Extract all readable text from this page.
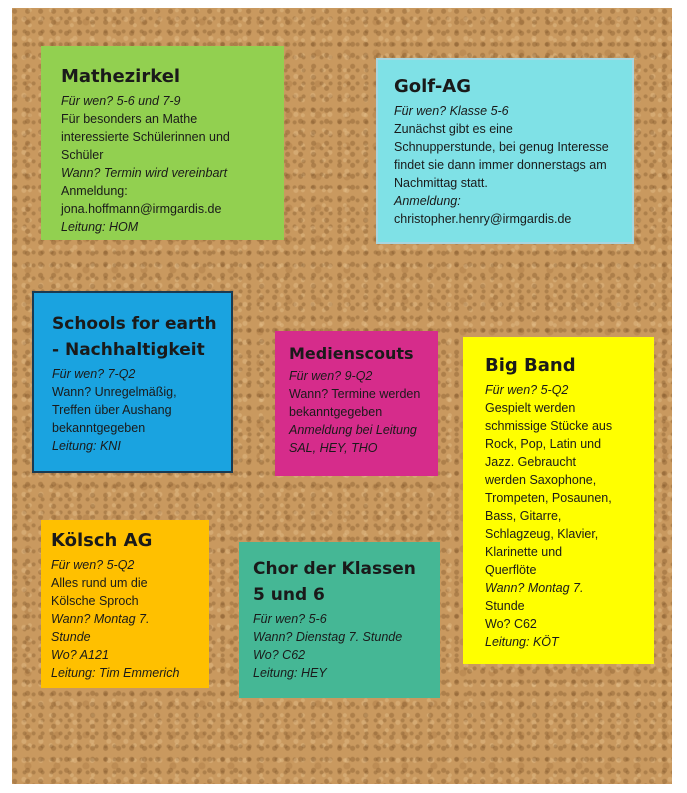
Mathezirkel
Für wen? 5-6 und 7-9
Für besonders an Mathe
interessierte Schülerinnen und
Schüler
Wann? Termin wird vereinbart
Anmeldung:
jona.hoffmann@irmgardis.de
Leitung: HOM
Golf-AG
Für wen? Klasse 5-6
Zunächst gibt es eine
Schnupperstunde, bei genug Interesse
findet sie dann immer donnerstags am
Nachmittag statt.
Anmeldung:
christopher.henry@irmgardis.de
Schools for earth
- Nachhaltigkeit
Für wen? 7-Q2
Wann? Unregelmäßig,
Treffen über Aushang
bekanntgegeben
Leitung: KNI
Medienscouts
Für wen? 9-Q2
Wann? Termine werden
bekanntgegeben
Anmeldung bei Leitung
SAL, HEY, THO
Big Band
Für wen? 5-Q2
Gespielt werden
schmissige Stücke aus
Rock, Pop, Latin und
Jazz. Gebraucht
werden Saxophone,
Trompeten, Posaunen,
Bass, Gitarre,
Schlagzeug, Klavier,
Klarinette und
Querflöte
Wann? Montag 7.
Stunde
Wo? C62
Leitung: KÖT
Kölsch AG
Für wen? 5-Q2
Alles rund um die
Kölsche Sproch
Wann? Montag 7.
Stunde
Wo? A121
Leitung: Tim Emmerich
Chor der Klassen
5 und 6
Für wen? 5-6
Wann? Dienstag 7. Stunde
Wo? C62
Leitung: HEY
